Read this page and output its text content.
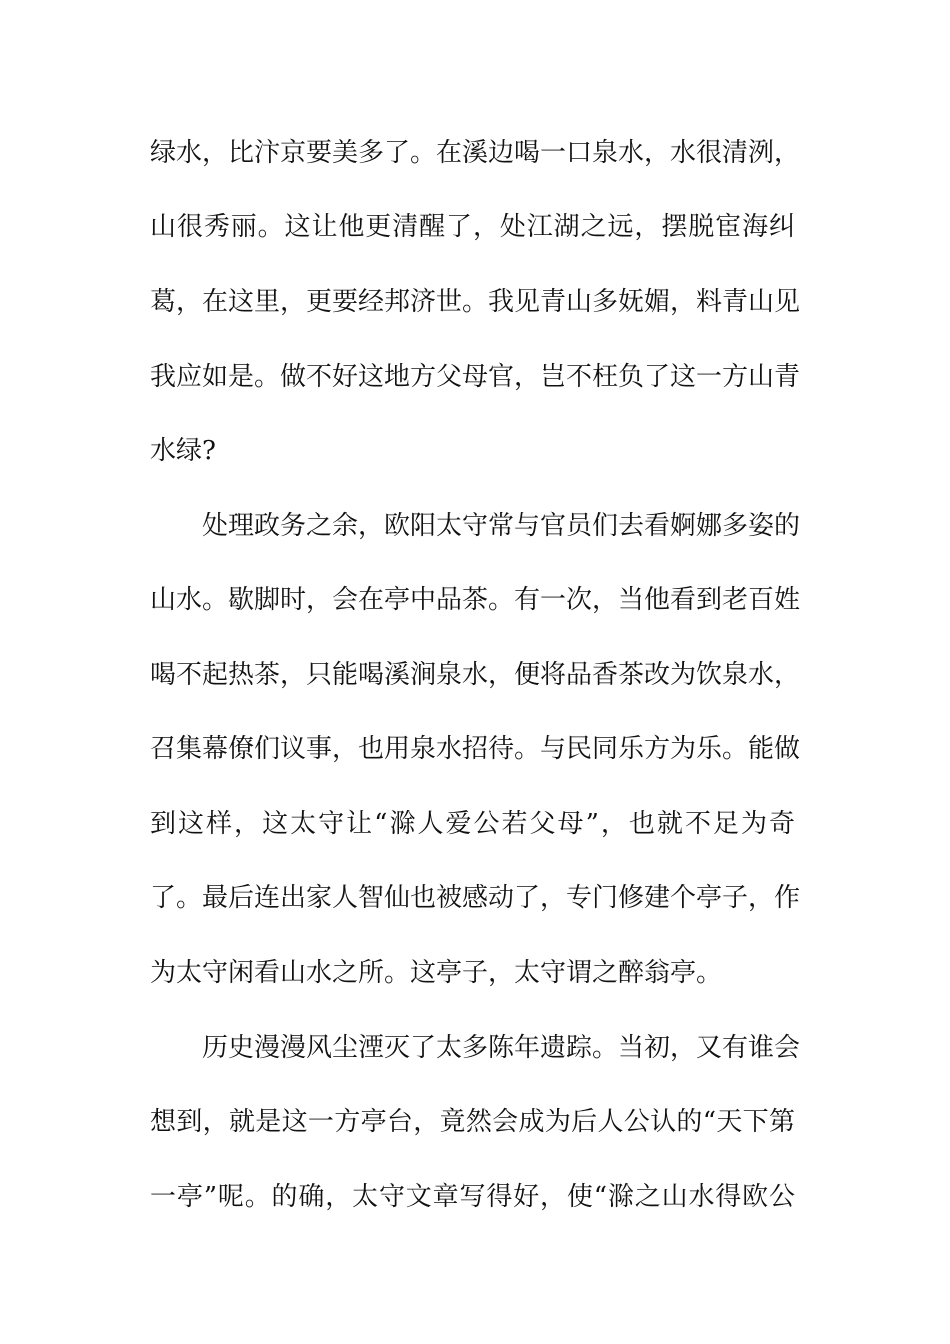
绿水，比汴京要美多了。在溪边喝一口泉水，水很清洌，
山很秀丽。这让他更清醒了，处江湖之远，摆脱宦海纠
葛，在这里，更要经邦济世。我见青山多妩媚，料青山见
我应如是。做不好这地方父母官，岂不枉负了这一方山青
水绿?
处理政务之余，欧阳太守常与官员们去看婀娜多姿的
山水。歇脚时，会在亭中品茶。有一次，当他看到老百姓
喝不起热茶，只能喝溪涧泉水，便将品香茶改为饮泉水，
召集幕僚们议事，也用泉水招待。与民同乐方为乐。能做
到这样，这太守让“滁人爱公若父母”，也就不足为奇
了。最后连出家人智仙也被感动了，专门修建个亭子，作
为太守闲看山水之所。这亭子，太守谓之醉翁亭。
历史漫漫风尘湮灭了太多陈年遗踪。当初，又有谁会
想到，就是这一方亭台，竟然会成为后人公认的“天下第
一亭”呢。的确，太守文章写得好，使“滁之山水得欧公
